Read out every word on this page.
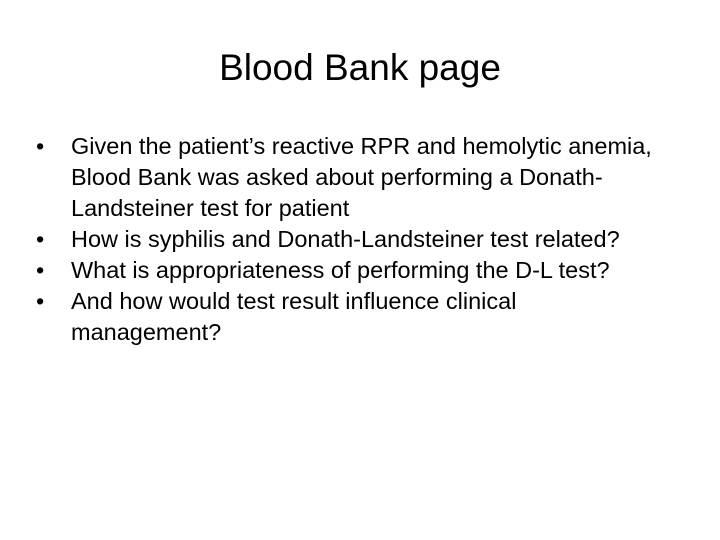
Blood Bank page
•	Given the patient’s reactive RPR and hemolytic anemia, Blood Bank was asked about performing a Donath-Landsteiner test for patient
•	How is syphilis and Donath-Landsteiner test related?
•	What is appropriateness of performing the D-L test?
•	And how would test result influence clinical management?
